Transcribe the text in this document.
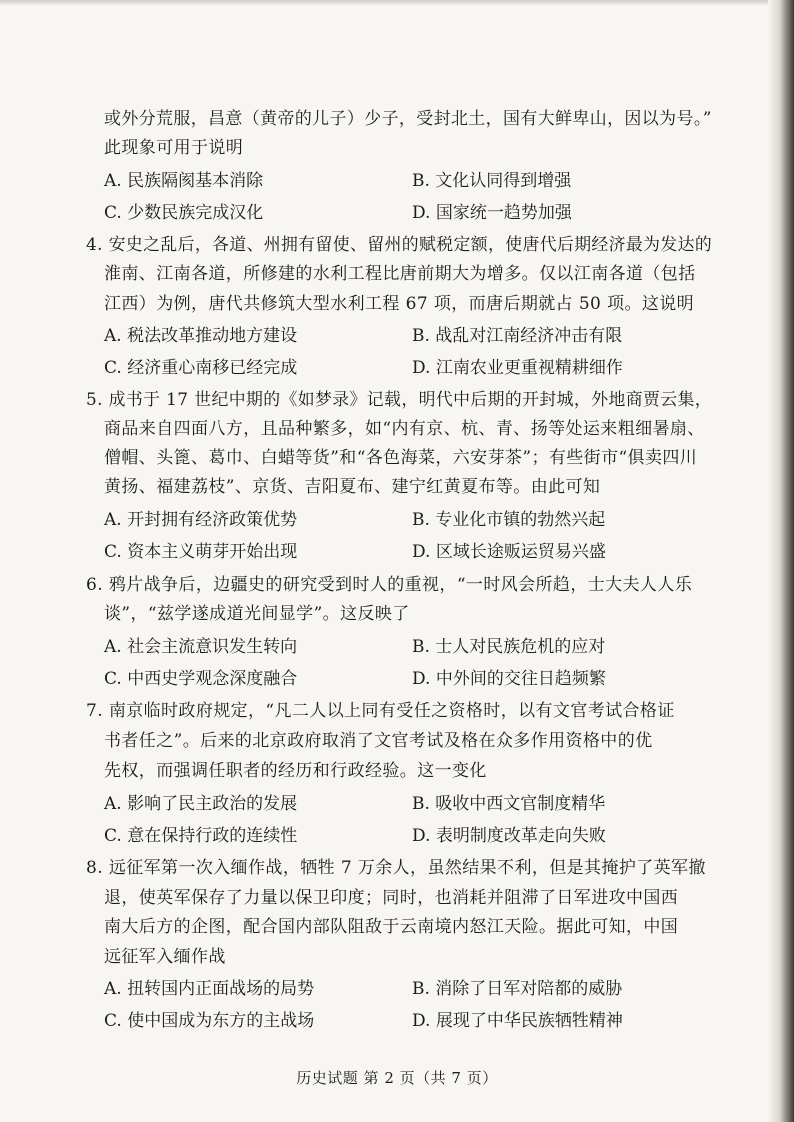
或外分荒服，昌意（黄帝的儿子）少子，受封北土，国有大鲜卑山，因以为号。”
此现象可用于说明
A. 民族隔阂基本消除	B. 文化认同得到增强
C. 少数民族完成汉化	D. 国家统一趋势加强
4. 安史之乱后，各道、州拥有留使、留州的赋税定额，使唐代后期经济最为发达的
淮南、江南各道，所修建的水利工程比唐前期大为增多。仅以江南各道（包括
江西）为例，唐代共修筑大型水利工程 67 项，而唐后期就占 50 项。这说明
A. 税法改革推动地方建设	B. 战乱对江南经济冲击有限
C. 经济重心南移已经完成	D. 江南农业更重视精耕细作
5. 成书于 17 世纪中期的《如梦录》记载，明代中后期的开封城，外地商贾云集，
商品来自四面八方，且品种繁多，如“内有京、杭、青、扬等处运来粗细暑扇、
僧帽、头篦、葛巾、白蜡等货”和“各色海菜，六安芽茶”；有些街市“俱卖四川
黄扬、福建荔枝”、京货、吉阳夏布、建宁红黄夏布等。由此可知
A. 开封拥有经济政策优势	B. 专业化市镇的勃然兴起
C. 资本主义萌芽开始出现	D. 区域长途贩运贸易兴盛
6. 鸦片战争后，边疆史的研究受到时人的重视，“一时风会所趋，士大夫人人乐
谈”，“兹学遂成道光间显学”。这反映了
A. 社会主流意识发生转向	B. 士人对民族危机的应对
C. 中西史学观念深度融合	D. 中外间的交往日趋频繁
7. 南京临时政府规定，“凡二人以上同有受任之资格时，以有文官考试合格证
书者任之”。后来的北京政府取消了文官考试及格在众多作用资格中的优
先权，而强调任职者的经历和行政经验。这一变化
A. 影响了民主政治的发展	B. 吸收中西文官制度精华
C. 意在保持行政的连续性	D. 表明制度改革走向失败
8. 远征军第一次入缅作战，牺牲 7 万余人，虽然结果不利，但是其掩护了英军撤
退，使英军保存了力量以保卫印度；同时，也消耗并阻滞了日军进攻中国西
南大后方的企图，配合国内部队阻敌于云南境内怒江天险。据此可知，中国
远征军入缅作战
A. 扭转国内正面战场的局势	B. 消除了日军对陪都的威胁
C. 使中国成为东方的主战场	D. 展现了中华民族牺牲精神
历史试题 第 2 页（共 7 页）
